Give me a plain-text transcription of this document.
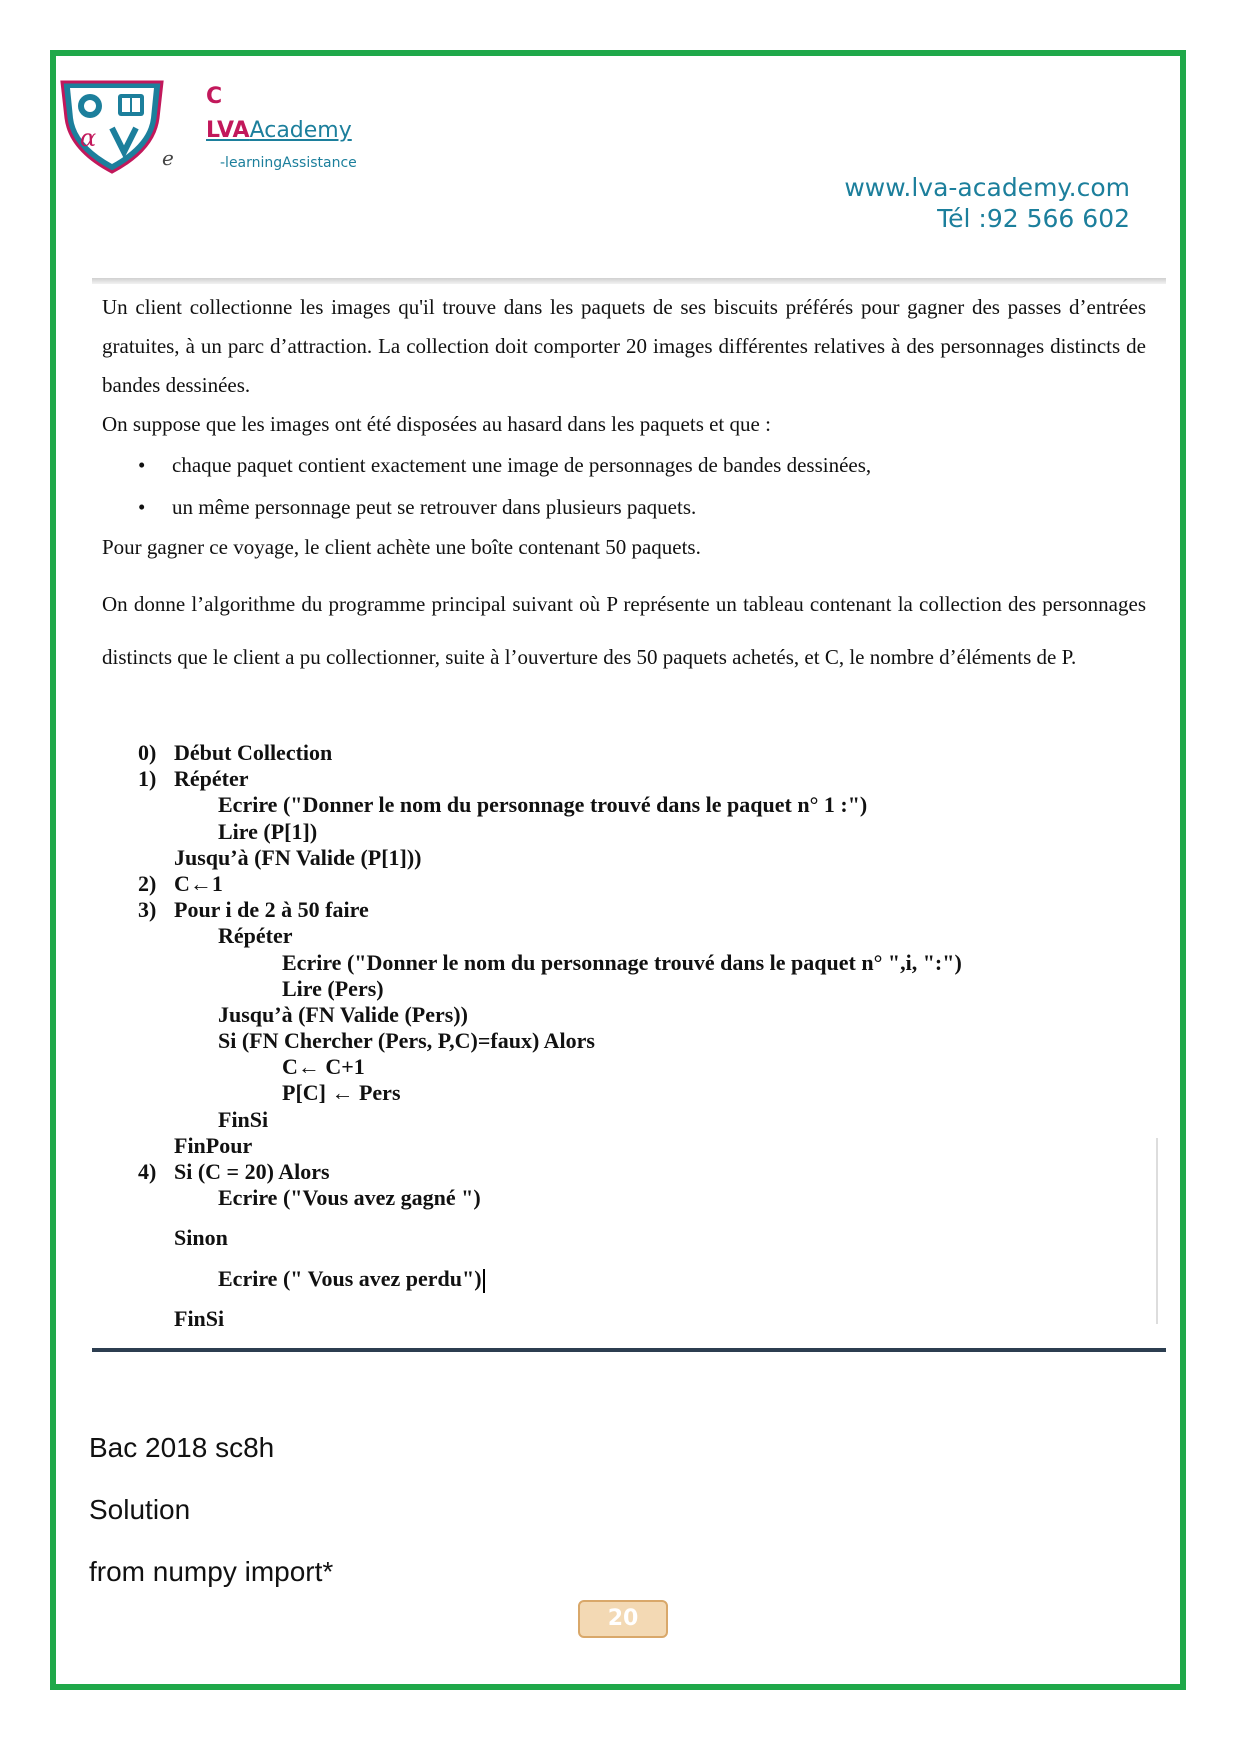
α
C
LVAAcademy
e	-learningAssistance
www.lva-academy.com
Tél :92 566 602

Un client collectionne les images qu'il trouve dans les paquets de ses biscuits préférés pour gagner des passes d’entrées gratuites, à un parc d’attraction. La collection doit comporter 20 images différentes relatives à des personnages distincts de bandes dessinées.

On suppose que les images ont été disposées au hasard dans les paquets et que :

• chaque paquet contient exactement une image de personnages de bandes dessinées,
• un même personnage peut se retrouver dans plusieurs paquets.

Pour gagner ce voyage, le client achète une boîte contenant 50 paquets.

On donne l’algorithme du programme principal suivant où P représente un tableau contenant la collection des personnages distincts que le client a pu collectionner, suite à l’ouverture des 50 paquets achetés, et C, le nombre d’éléments de P.

0) Début Collection
1) Répéter
Ecrire ("Donner le nom du personnage trouvé dans le paquet n° 1 :")
Lire (P[1])
Jusqu’à (FN Valide (P[1]))
2) C←1
3) Pour i de 2 à 50 faire
Répéter
Ecrire ("Donner le nom du personnage trouvé dans le paquet n° ",i, ":")
Lire (Pers)
Jusqu’à (FN Valide (Pers))
Si (FN Chercher (Pers, P,C)=faux) Alors
C← C+1
P[C] ← Pers
FinSi
FinPour
4) Si (C = 20) Alors
Ecrire ("Vous avez gagné ")
Sinon
Ecrire (" Vous avez perdu")
FinSi
Bac 2018 sc8h
Solution
from numpy import*
20
